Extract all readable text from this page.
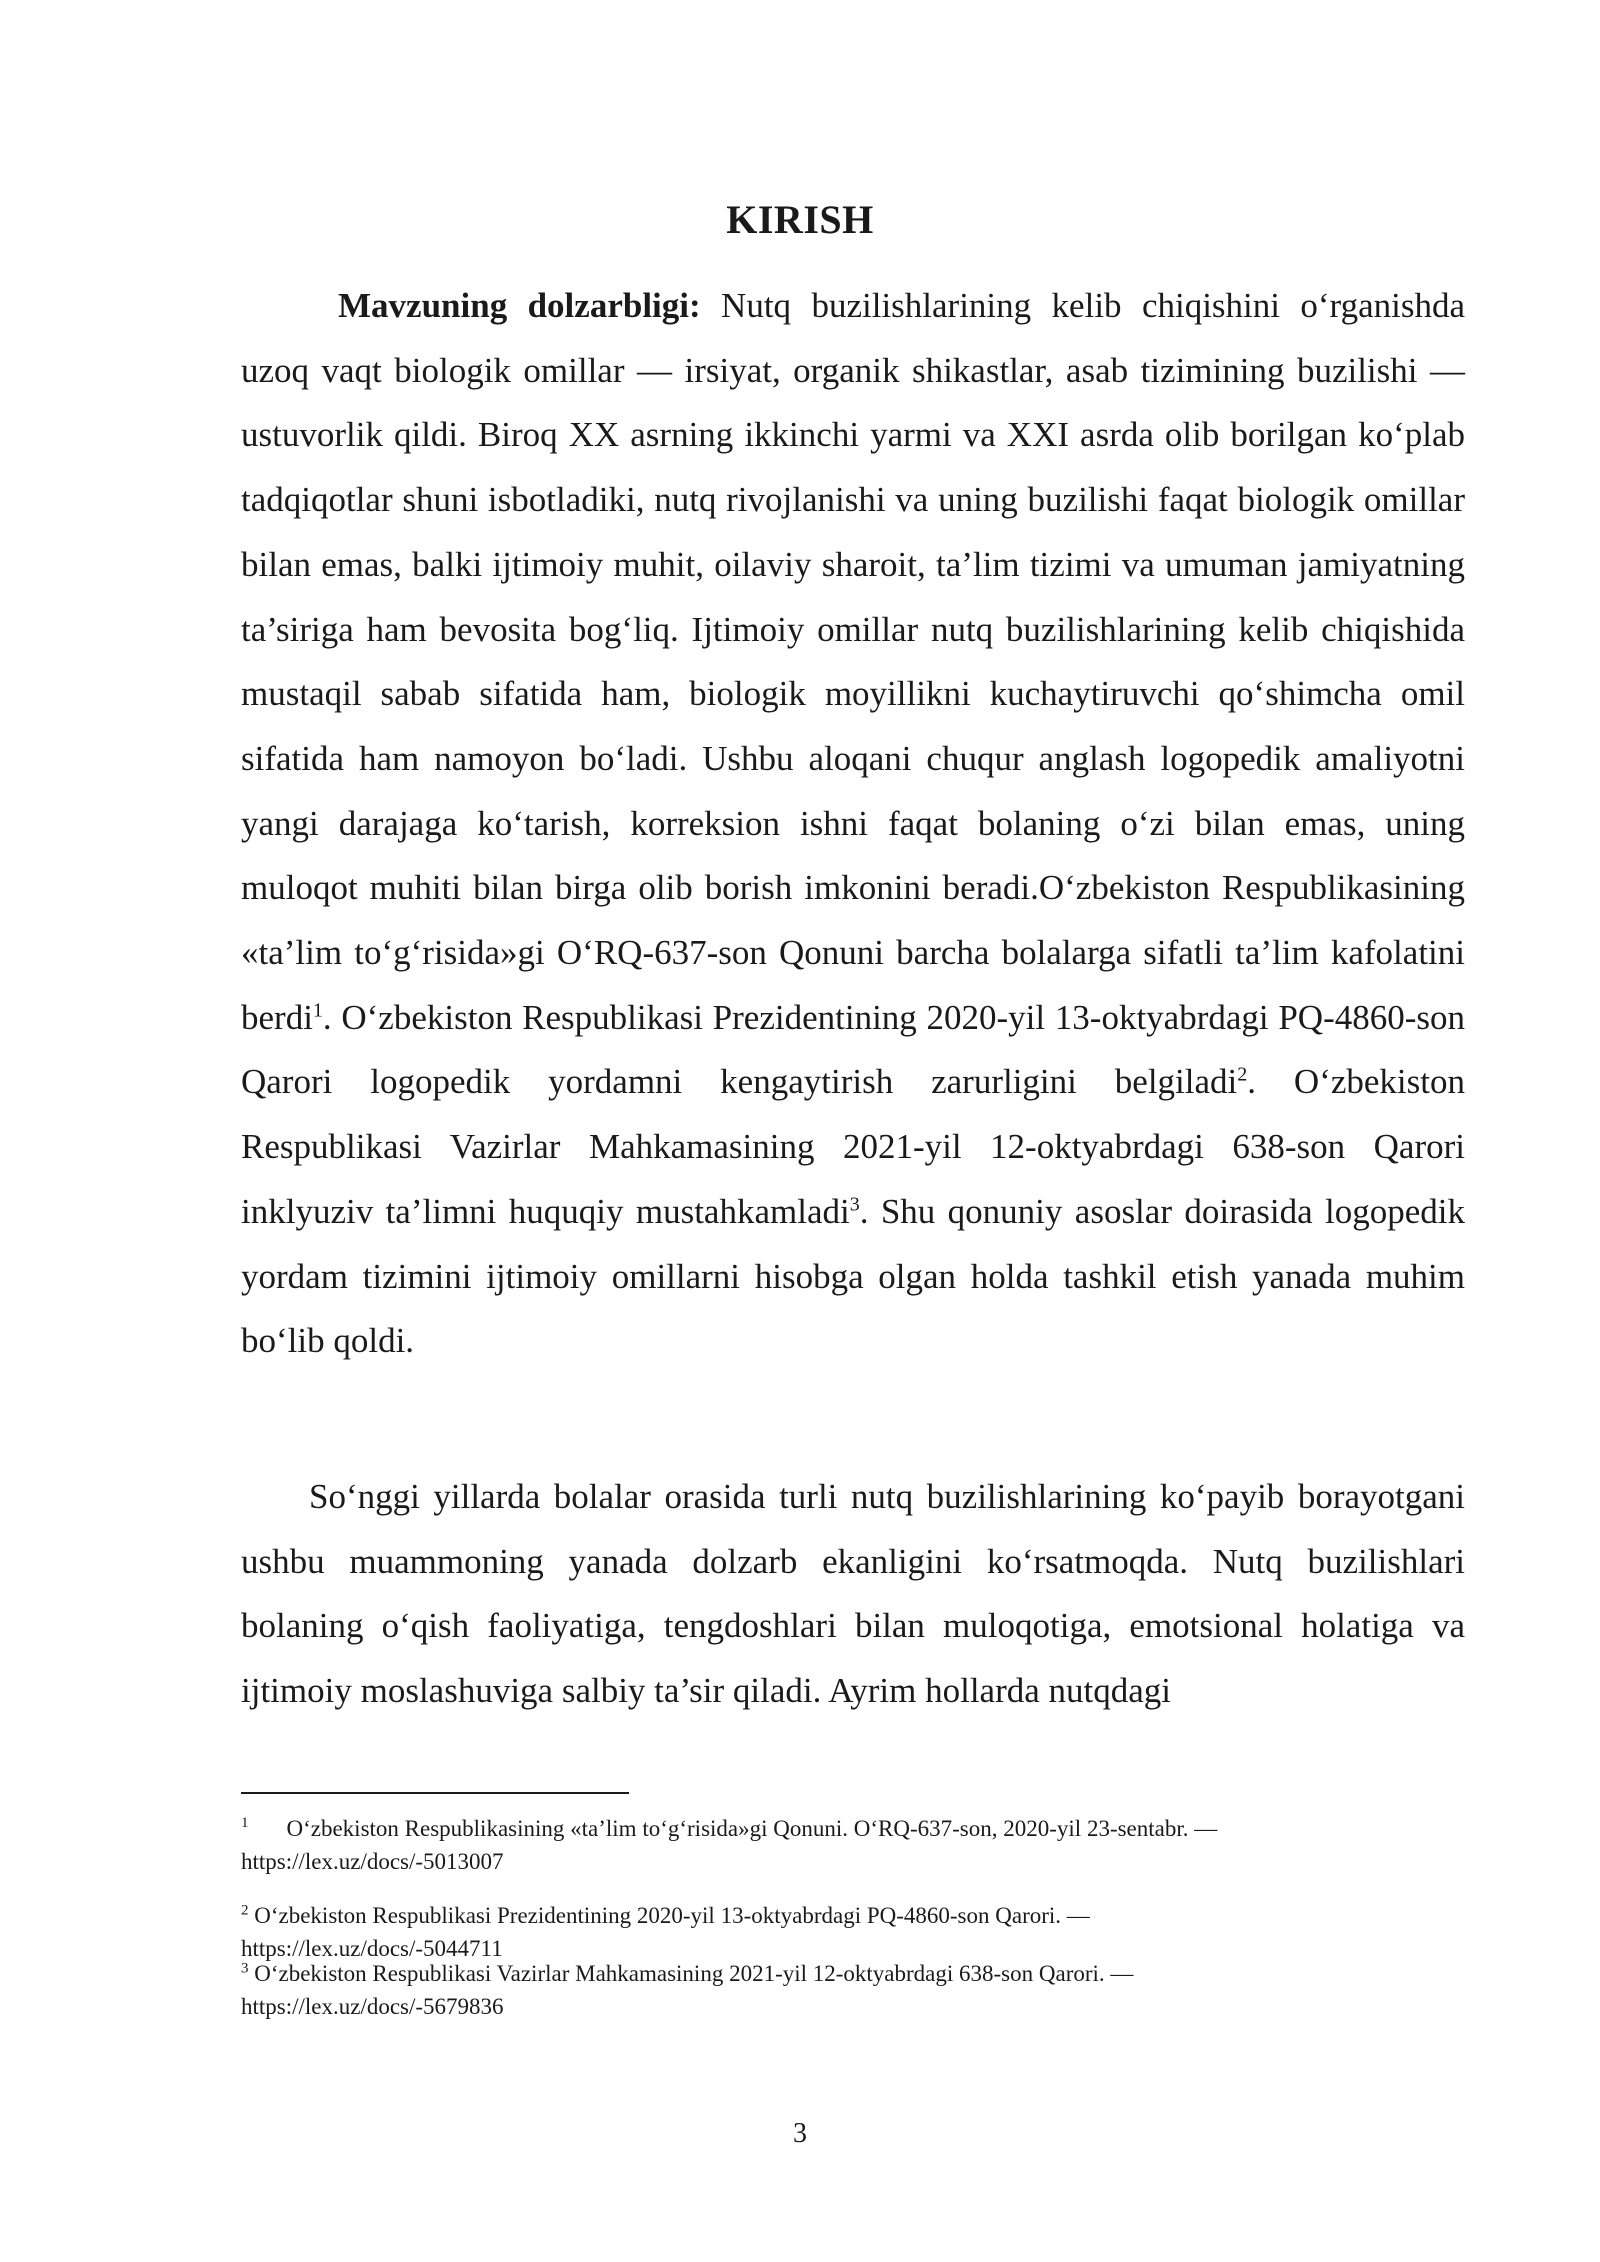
KIRISH

Mavzuning dolzarbligi: Nutq buzilishlarining kelib chiqishini o‘rganishda uzoq vaqt biologik omillar — irsiyat, organik shikastlar, asab tizimining buzilishi — ustuvorlik qildi. Biroq XX asrning ikkinchi yarmi va XXI asrda olib borilgan ko‘plab tadqiqotlar shuni isbotladiki, nutq rivojlanishi va uning buzilishi faqat biologik omillar bilan emas, balki ijtimoiy muhit, oilaviy sharoit, ta’lim tizimi va umuman jamiyatning ta’siriga ham bevosita bog‘liq. Ijtimoiy omillar nutq buzilishlarining kelib chiqishida mustaqil sabab sifatida ham, biologik moyillikni kuchaytiruvchi qo‘shimcha omil sifatida ham namoyon bo‘ladi. Ushbu aloqani chuqur anglash logopedik amaliyotni yangi darajaga ko‘tarish, korreksion ishni faqat bolaning o‘zi bilan emas, uning muloqot muhiti bilan birga olib borish imkonini beradi.O‘zbekiston Respublikasining «ta’lim to‘g‘risida»gi O‘RQ-637-son Qonuni barcha bolalarga sifatli ta’lim kafolatini berdi$^1$. O‘zbekiston Respublikasi Prezidentining 2020-yil 13-oktyabrdagi PQ-4860-son Qarori logopedik yordamni kengaytirish zarurligini belgiladi$^2$. O‘zbekiston Respublikasi Vazirlar Mahkamasining 2021-yil 12-oktyabrdagi 638-son Qarori inklyuziv ta’limni huquqiy mustahkamladi$^3$. Shu qonuniy asoslar doirasida logopedik yordam tizimini ijtimoiy omillarni hisobga olgan holda tashkil etish yanada muhim bo‘lib qoldi.

So‘nggi yillarda bolalar orasida turli nutq buzilishlarining ko‘payib borayotgani ushbu muammoning yanada dolzarb ekanligini ko‘rsatmoqda. Nutq buzilishlari bolaning o‘qish faoliyatiga, tengdoshlari bilan muloqotiga, emotsional holatiga va ijtimoiy moslashuviga salbiy ta’sir qiladi. Ayrim hollarda nutqdagi

$^1$ O‘zbekiston Respublikasining «ta’lim to‘g‘risida»gi Qonuni. O‘RQ-637-son, 2020-yil 23-sentabr. —
https://lex.uz/docs/-5013007
$^2$ O‘zbekiston Respublikasi Prezidentining 2020-yil 13-oktyabrdagi PQ-4860-son Qarori. —
https://lex.uz/docs/-5044711
$^3$ O‘zbekiston Respublikasi Vazirlar Mahkamasining 2021-yil 12-oktyabrdagi 638-son Qarori. —
https://lex.uz/docs/-5679836
3
